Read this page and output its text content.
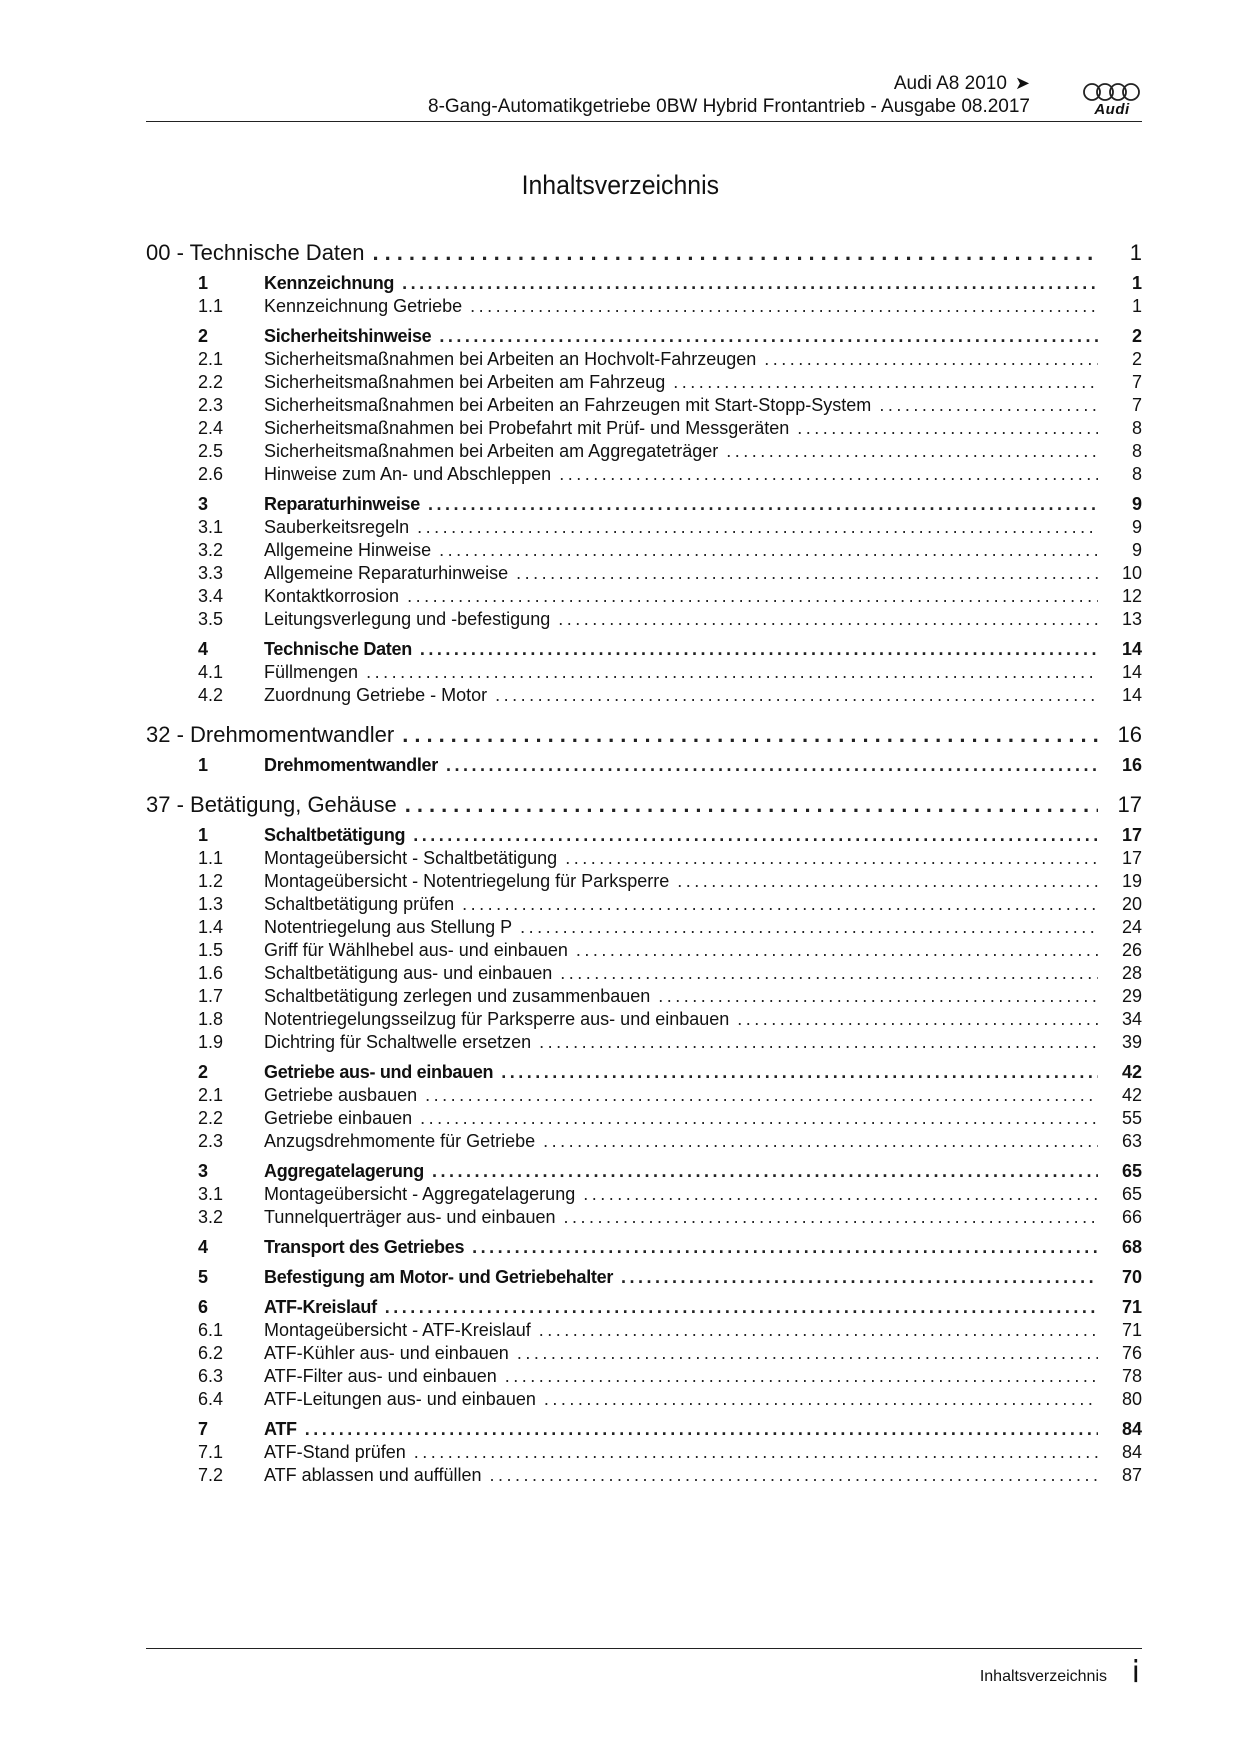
Audi A8 2010 ➤
8-Gang-Automatikgetriebe 0BW Hybrid Frontantrieb - Ausgabe 08.2017	Audi
Inhaltsverzeichnis
00 - Technische Daten .....	1
1	Kennzeichnung .....	1
1.1	Kennzeichnung Getriebe .....	1
2	Sicherheitshinweise .....	2
2.1	Sicherheitsmaßnahmen bei Arbeiten an Hochvolt-Fahrzeugen .....	2
2.2	Sicherheitsmaßnahmen bei Arbeiten am Fahrzeug .....	7
2.3	Sicherheitsmaßnahmen bei Arbeiten an Fahrzeugen mit Start-Stopp-System .....	7
2.4	Sicherheitsmaßnahmen bei Probefahrt mit Prüf- und Messgeräten .....	8
2.5	Sicherheitsmaßnahmen bei Arbeiten am Aggregateträger .....	8
2.6	Hinweise zum An- und Abschleppen .....	8
3	Reparaturhinweise .....	9
3.1	Sauberkeitsregeln .....	9
3.2	Allgemeine Hinweise .....	9
3.3	Allgemeine Reparaturhinweise .....	10
3.4	Kontaktkorrosion .....	12
3.5	Leitungsverlegung und -befestigung .....	13
4	Technische Daten .....	14
4.1	Füllmengen .....	14
4.2	Zuordnung Getriebe - Motor .....	14
32 - Drehmomentwandler .....	16
1	Drehmomentwandler .....	16
37 - Betätigung, Gehäuse .....	17
1	Schaltbetätigung .....	17
1.1	Montageübersicht - Schaltbetätigung .....	17
1.2	Montageübersicht - Notentriegelung für Parksperre .....	19
1.3	Schaltbetätigung prüfen .....	20
1.4	Notentriegelung aus Stellung P .....	24
1.5	Griff für Wählhebel aus- und einbauen .....	26
1.6	Schaltbetätigung aus- und einbauen .....	28
1.7	Schaltbetätigung zerlegen und zusammenbauen .....	29
1.8	Notentriegelungsseilzug für Parksperre aus- und einbauen .....	34
1.9	Dichtring für Schaltwelle ersetzen .....	39
2	Getriebe aus- und einbauen .....	42
2.1	Getriebe ausbauen .....	42
2.2	Getriebe einbauen .....	55
2.3	Anzugsdrehmomente für Getriebe .....	63
3	Aggregatelagerung .....	65
3.1	Montageübersicht - Aggregatelagerung .....	65
3.2	Tunnelquerträger aus- und einbauen .....	66
4	Transport des Getriebes .....	68
5	Befestigung am Motor- und Getriebehalter .....	70
6	ATF-Kreislauf .....	71
6.1	Montageübersicht - ATF-Kreislauf .....	71
6.2	ATF-Kühler aus- und einbauen .....	76
6.3	ATF-Filter aus- und einbauen .....	78
6.4	ATF-Leitungen aus- und einbauen .....	80
7	ATF .....	84
7.1	ATF-Stand prüfen .....	84
7.2	ATF ablassen und auffüllen .....	87
Inhaltsverzeichnis i
